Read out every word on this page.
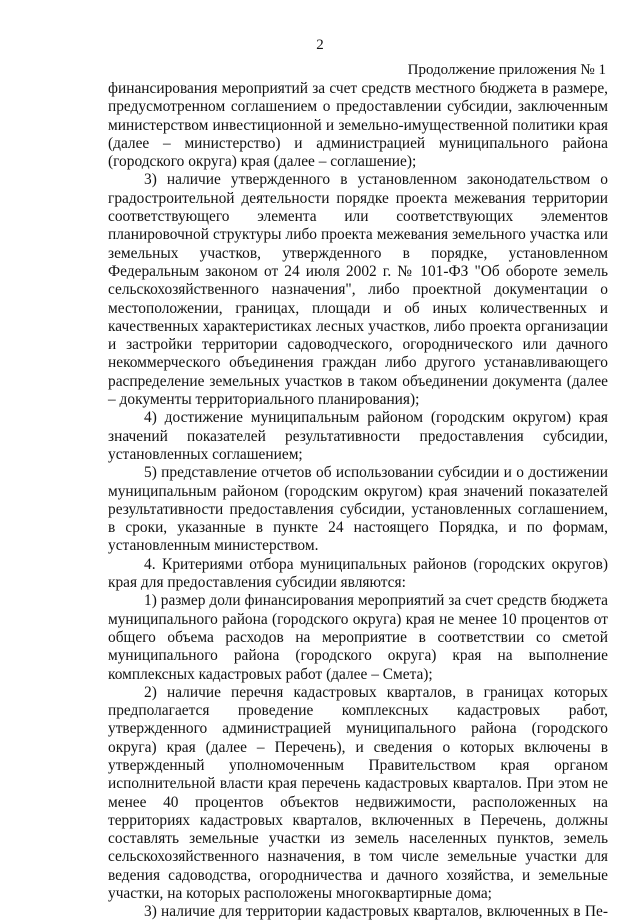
2
Продолжение приложения № 1

финансирования мероприятий за счет средств местного бюджета в размере, предусмотренном соглашением о предоставлении субсидии, заключенным министерством инвестиционной и земельно-имущественной политики края (далее – министерство) и администрацией муниципального района (городского округа) края (далее – соглашение);

3) наличие утвержденного в установленном законодательством о градостроительной деятельности порядке проекта межевания территории соответствующего элемента или соответствующих элементов планировочной структуры либо проекта межевания земельного участка или земельных участков, утвержденного в порядке, установленном Федеральным законом от 24 июля 2002 г. № 101-ФЗ "Об обороте земель сельскохозяйственного назначения", либо проектной документации о местоположении, границах, площади и об иных количественных и качественных характеристиках лесных участков, либо проекта организации и застройки территории садоводческого, огороднического или дачного некоммерческого объединения граждан либо другого устанавливающего распределение земельных участков в таком объединении документа (далее – документы территориального планирования);

4) достижение муниципальным районом (городским округом) края значений показателей результативности предоставления субсидии, установленных соглашением;

5) представление отчетов об использовании субсидии и о достижении муниципальным районом (городским округом) края значений показателей результативности предоставления субсидии, установленных соглашением, в сроки, указанные в пункте 24 настоящего Порядка, и по формам, установленным министерством.

4. Критериями отбора муниципальных районов (городских округов) края для предоставления субсидии являются:

1) размер доли финансирования мероприятий за счет средств бюджета муниципального района (городского округа) края не менее 10 процентов от общего объема расходов на мероприятие в соответствии со сметой муниципального района (городского округа) края на выполнение комплексных кадастровых работ (далее – Смета);

2) наличие перечня кадастровых кварталов, в границах которых предполагается проведение комплексных кадастровых работ, утвержденного администрацией муниципального района (городского округа) края (далее – Перечень), и сведения о которых включены в утвержденный уполномоченным Правительством края органом исполнительной власти края перечень кадастровых кварталов. При этом не менее 40 процентов объектов недвижимости, расположенных на территориях кадастровых кварталов, включенных в Перечень, должны составлять земельные участки из земель населенных пунктов, земель сельскохозяйственного назначения, в том числе земельные участки для ведения садоводства, огородничества и дачного хозяйства, и земельные участки, на которых расположены многоквартирные дома;

3) наличие для территории кадастровых кварталов, включенных в Пе-
